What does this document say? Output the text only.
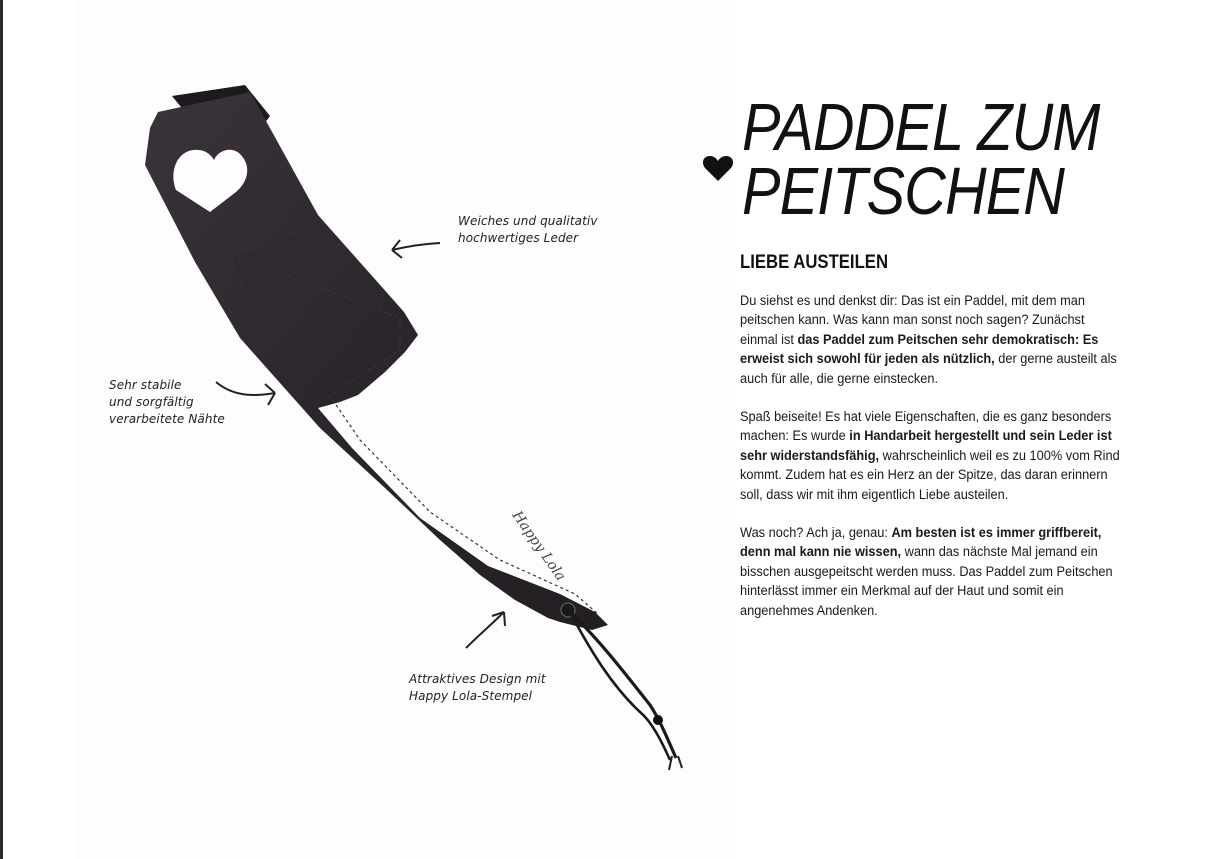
Happy Lola
Weiches und qualitativ
hochwertiges Leder
Sehr stabile
und sorgfältig
verarbeitete Nähte
Attraktives Design mit
Happy Lola-Stempel
PADDEL ZUM PEITSCHEN
LIEBE AUSTEILEN

Du siehst es und denkst dir: Das ist ein Paddel, mit dem man peitschen kann. Was kann man sonst noch sagen? Zunächst einmal ist das Paddel zum Peitschen sehr demokratisch: Es erweist sich sowohl für jeden als nützlich, der gerne austeilt als auch für alle, die gerne einstecken.

Spaß beiseite! Es hat viele Eigenschaften, die es ganz besonders machen: Es wurde in Handarbeit hergestellt und sein Leder ist sehr widerstandsfähig, wahrscheinlich weil es zu 100% vom Rind kommt. Zudem hat es ein Herz an der Spitze, das daran erinnern soll, dass wir mit ihm eigentlich Liebe austeilen.

Was noch? Ach ja, genau: Am besten ist es immer griffbereit, denn mal kann nie wissen, wann das nächste Mal jemand ein bisschen ausgepeitscht werden muss. Das Paddel zum Peitschen hinterlässt immer ein Merkmal auf der Haut und somit ein angenehmes Andenken.
